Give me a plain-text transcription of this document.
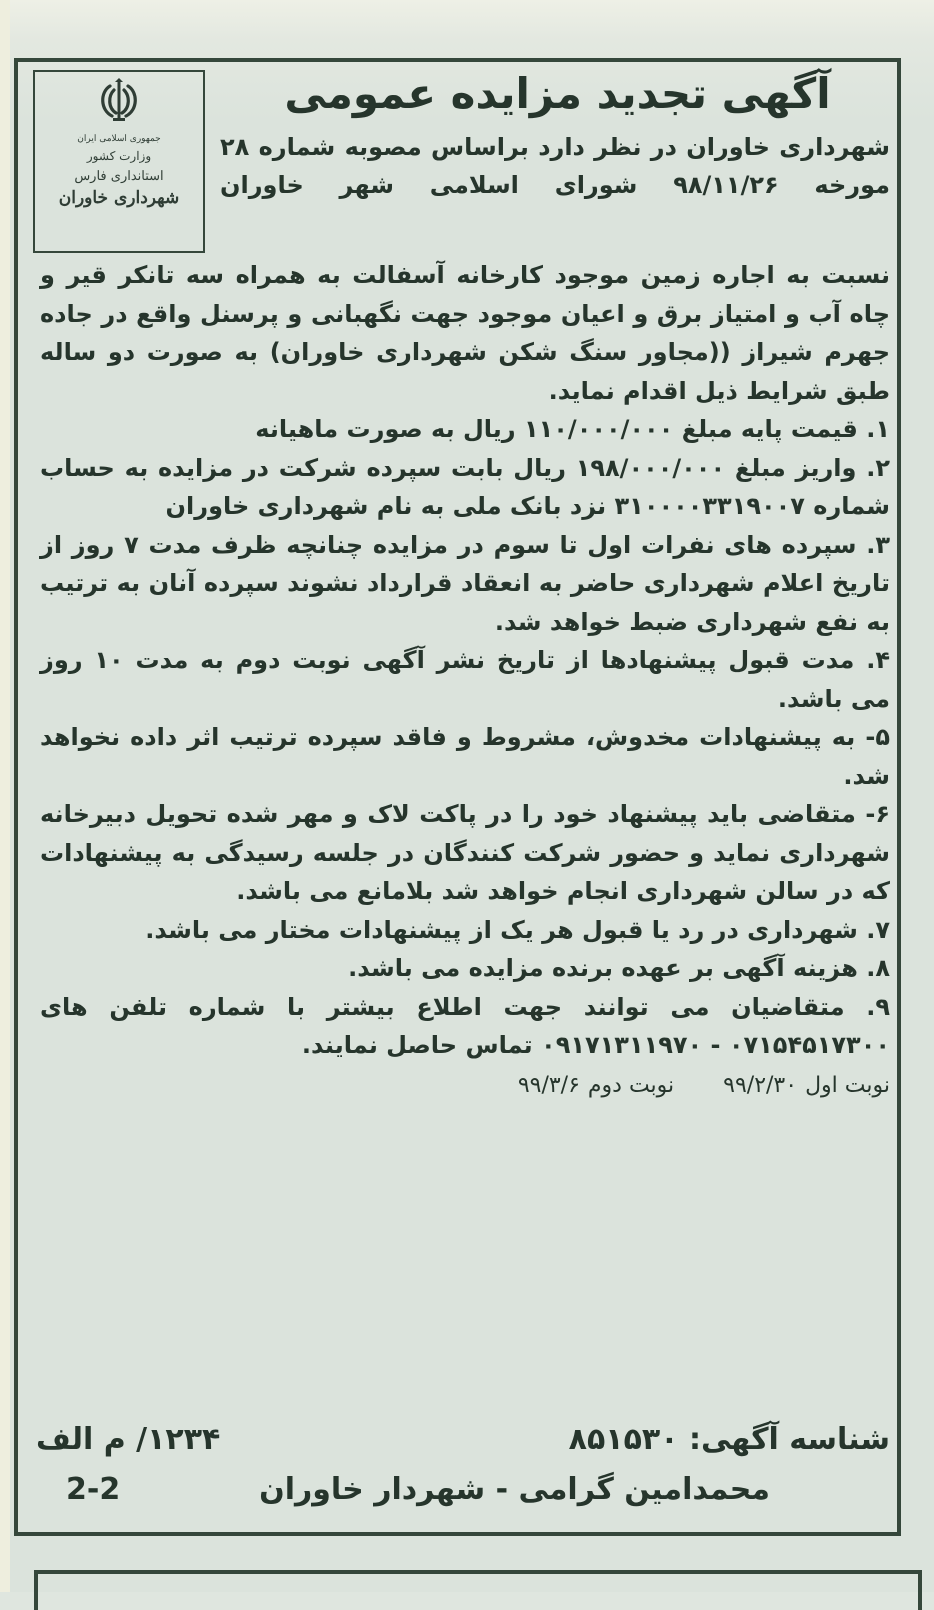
جمهوری اسلامی ایران
وزارت کشور
استانداری فارس
شهرداری خاوران
آگهی تجدید مزایده عمومی
شهرداری خاوران در نظر دارد براساس مصوبه شماره ۲۸ مورخه ۹۸/۱۱/۲۶ شورای اسلامی شهر خاوران

نسبت به اجاره زمین موجود کارخانه آسفالت به همراه سه تانکر قیر و چاه آب و امتیاز برق و اعیان موجود جهت نگهبانی و پرسنل واقع در جاده جهرم شیراز ((مجاور سنگ شکن شهرداری خاوران) به صورت دو ساله طبق شرایط ذیل اقدام نماید.

۱. قیمت پایه مبلغ ۱۱۰/۰۰۰/۰۰۰ ریال به صورت ماهیانه

۲. واریز مبلغ ۱۹۸/۰۰۰/۰۰۰ ریال بابت سپرده شرکت در مزایده به حساب شماره ۳۱۰۰۰۰۳۳۱۹۰۰۷ نزد بانک ملی به نام شهرداری خاوران

۳. سپرده های نفرات اول تا سوم در مزایده چنانچه ظرف مدت ۷ روز از تاریخ اعلام شهرداری حاضر به انعقاد قرارداد نشوند سپرده آنان به ترتیب به نفع شهرداری ضبط خواهد شد.

۴. مدت قبول پیشنهادها از تاریخ نشر آگهی نوبت دوم به مدت ۱۰ روز می باشد.

۵- به پیشنهادات مخدوش، مشروط و فاقد سپرده ترتیب اثر داده نخواهد شد.

۶- متقاضی باید پیشنهاد خود را در پاکت لاک و مهر شده تحویل دبیرخانه شهرداری نماید و حضور شرکت کنندگان در جلسه رسیدگی به پیشنهادات که در سالن شهرداری انجام خواهد شد بلامانع می باشد.

۷. شهرداری در رد یا قبول هر یک از پیشنهادات مختار می باشد.

۸. هزینه آگهی بر عهده برنده مزایده می باشد.

۹. متقاضیان می توانند جهت اطلاع بیشتر با شماره تلفن های ۰۷۱۵۴۵۱۷۳۰۰ - ۰۹۱۷۱۳۱۱۹۷۰ تماس حاصل نمایند.

نوبت اول۹۹/۲/۳۰ نوبت دوم۹۹/۳/۶
شناسه آگهی: ۸۵۱۵۳۰
۱۲۳۴/ م الف
محمدامین گرامی - شهردار خاوران
2-2
